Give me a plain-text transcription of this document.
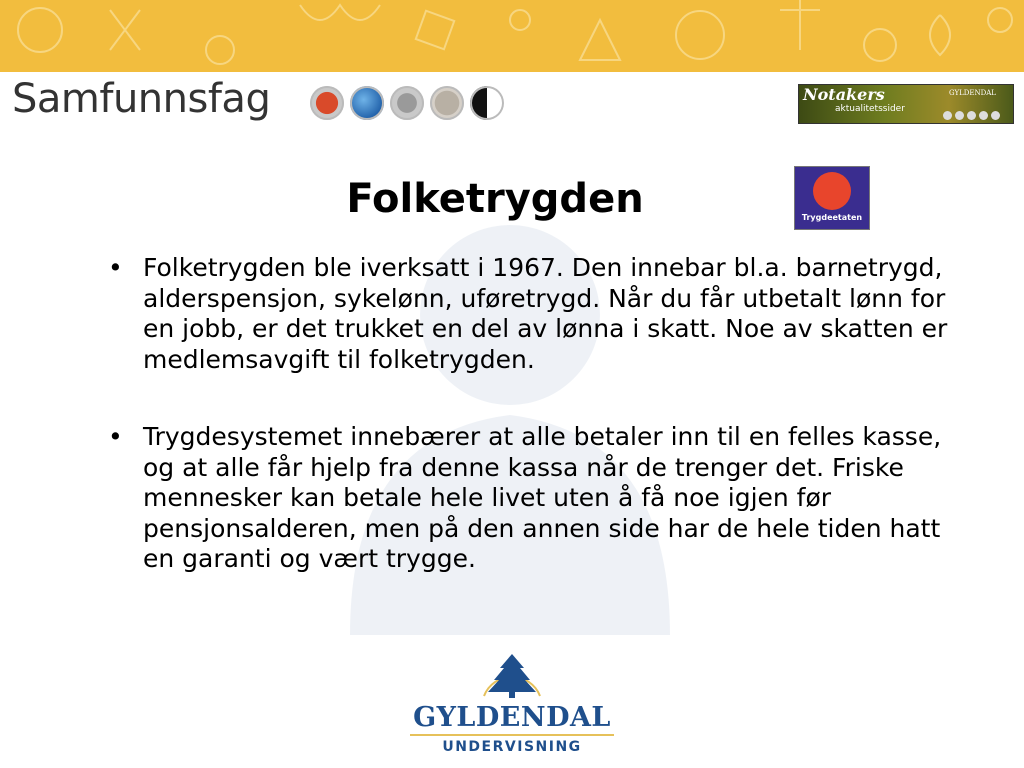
Samfunnsfag	Notakers
aktualitetssider
GYLDENDAL
Folketrygden	Trygdeetaten
• Folketrygden ble iverksatt i 1967. Den innebar bl.a. barnetrygd, alderspensjon, sykelønn, uføretrygd. Når du får utbetalt lønn for en jobb, er det trukket en del av lønna i skatt. Noe av skatten er medlemsavgift til folketrygden.
• Trygdesystemet innebærer at alle betaler inn til en felles kasse, og at alle får hjelp fra denne kassa når de trenger det. Friske mennesker kan betale hele livet uten å få noe igjen før pensjonsalderen, men på den annen side har de hele tiden hatt en garanti og vært trygge.
GYLDENDAL
UNDERVISNING
